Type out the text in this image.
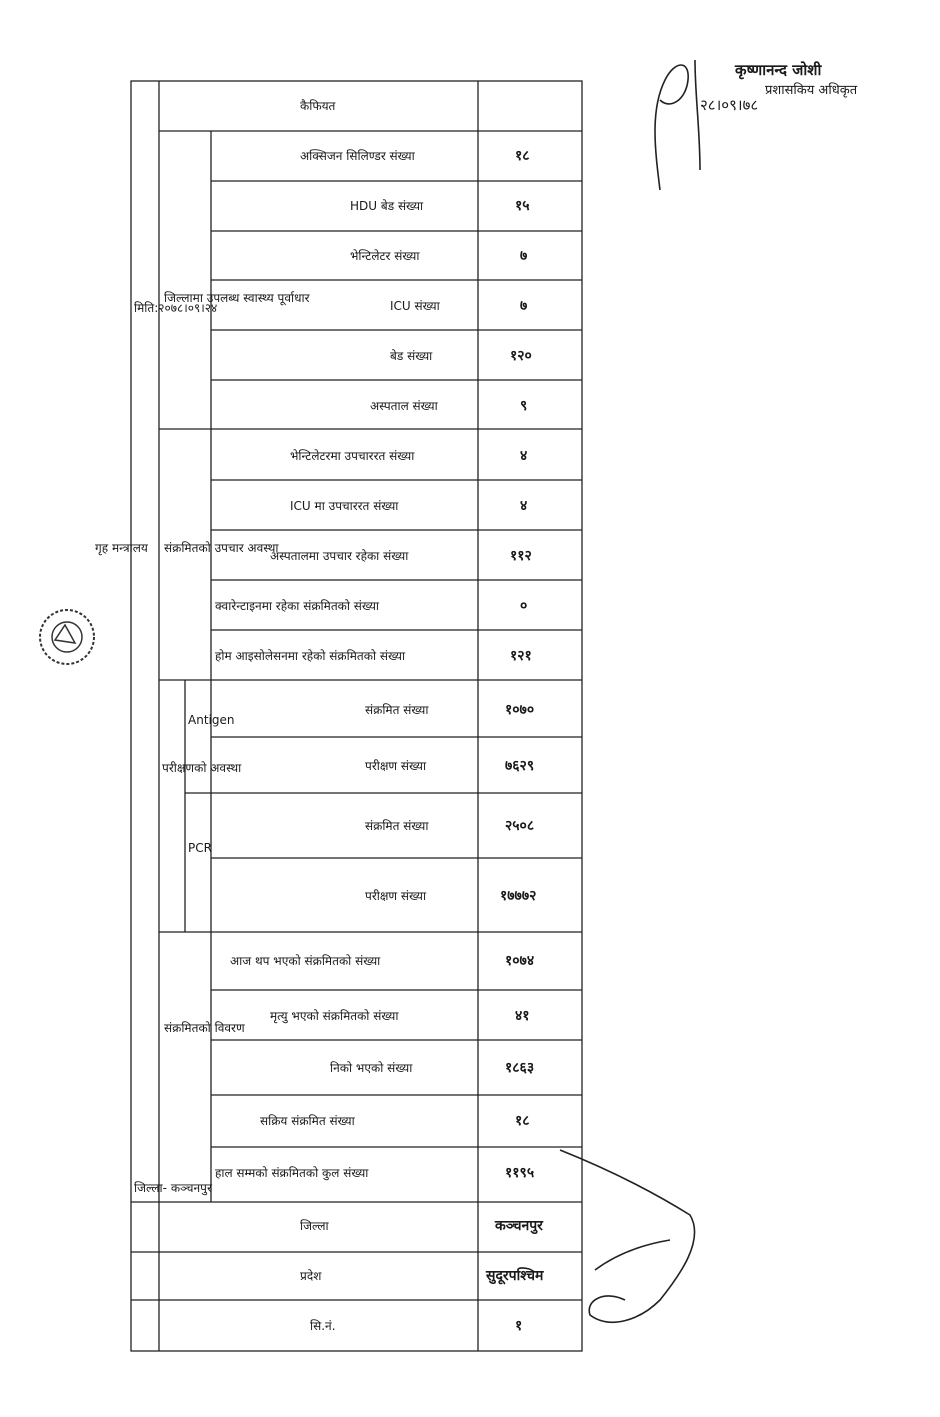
जिल्ला- कञ्चनपुर
मिति:२०७८।०९।२४
संक्रमितको विवरण
परीक्षणको अवस्था
PCR
Antigen
संक्रमितको उपचार अवस्था
जिल्लामा उपलब्ध स्वास्थ्य पूर्वाधार
कैफियत
सि.नं.
प्रदेश
जिल्ला
हाल सम्मको संक्रमितको कुल संख्या
सक्रिय संक्रमित संख्या
निको भएको संख्या
मृत्यु भएको संक्रमितको संख्या
आज थप भएको संक्रमितको संख्या
परीक्षण संख्या
संक्रमित संख्या
परीक्षण संख्या
संक्रमित संख्या
होम आइसोलेसनमा रहेको संक्रमितको संख्या
क्वारेन्टाइनमा रहेका संक्रमितको संख्या
अस्पतालमा उपचार रहेका संख्या
ICU मा उपचाररत संख्या
भेन्टिलेटरमा उपचाररत संख्या
अस्पताल संख्या
बेड संख्या
ICU संख्या
भेन्टिलेटर संख्या
HDU बेड संख्या
अक्सिजन सिलिण्डर संख्या
१
सुदूरपश्चिम
कञ्चनपुर
११९५
१८
१८६३
४१
१०७४
१७७७२
२५०८
७६२९
१०७०
१२१
०
११२
४
४
९
१२०
७
७
१५
१८
२८।०९।७८
कृष्णानन्द जोशी
प्रशासकिय अधिकृत
गृह मन्त्रालय
